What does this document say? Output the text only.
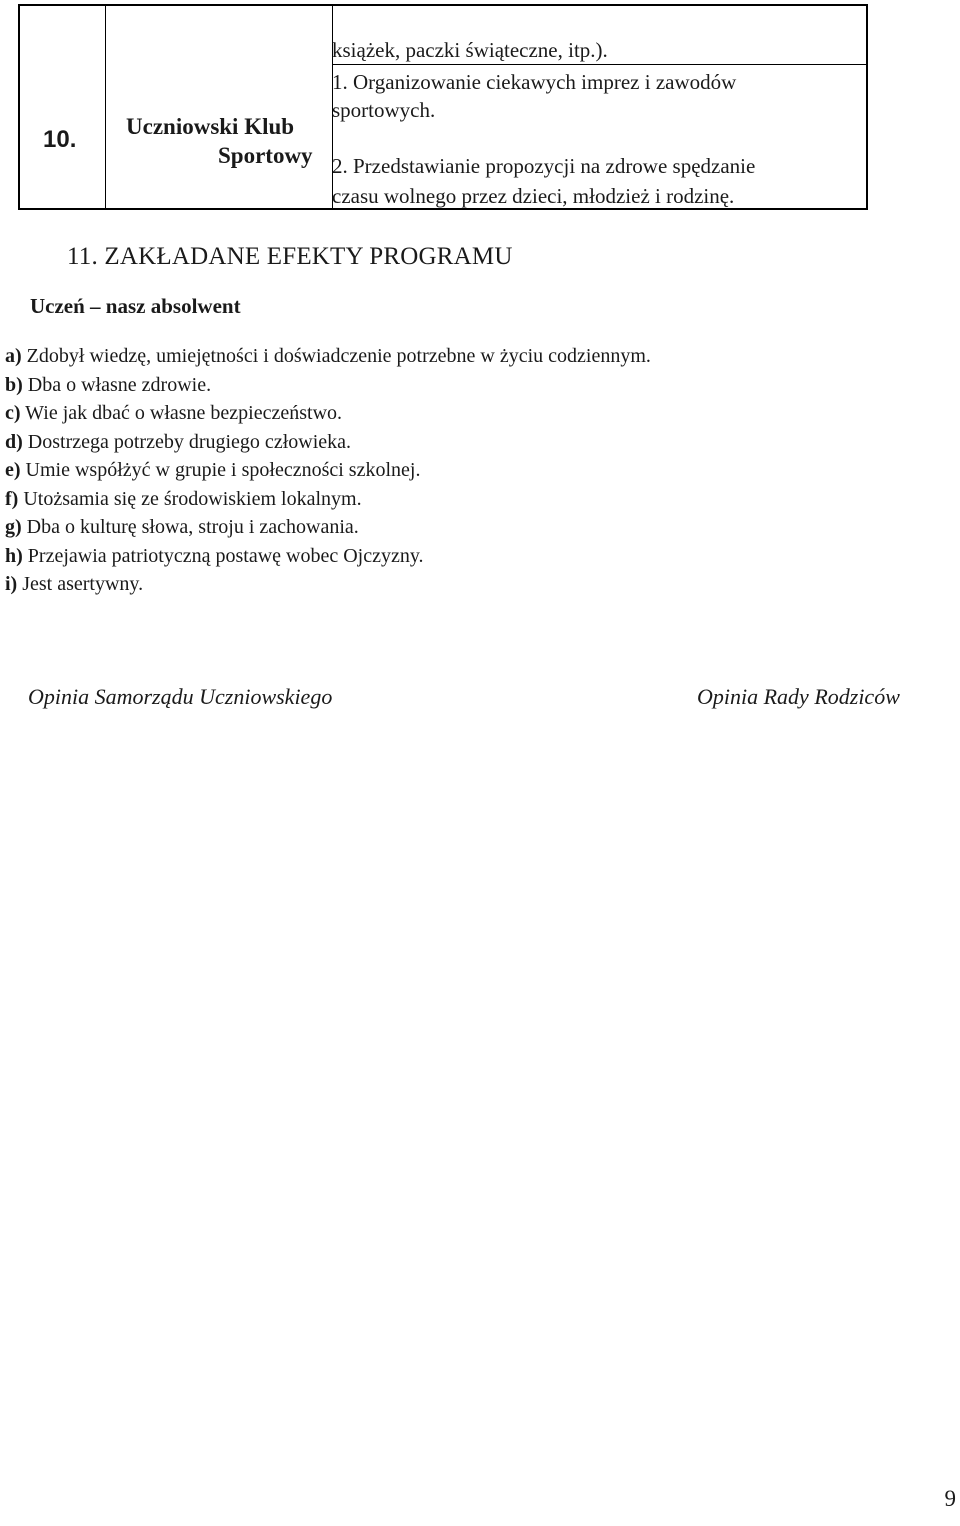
książek, paczki świąteczne, itp.).
10. Uczniowski Klub
Sportowy
1. Organizowanie ciekawych imprez i zawodów
sportowych.
2. Przedstawianie propozycji na zdrowe spędzanie
czasu wolnego przez dzieci, młodzież i rodzinę.
11. ZAKŁADANE EFEKTY PROGRAMU
Uczeń – nasz absolwent
a) Zdobył wiedzę, umiejętności i doświadczenie potrzebne w życiu codziennym.
b) Dba o własne zdrowie.
c) Wie jak dbać o własne bezpieczeństwo.
d) Dostrzega potrzeby drugiego człowieka.
e) Umie współżyć w grupie i społeczności szkolnej.
f) Utożsamia się ze środowiskiem lokalnym.
g) Dba o kulturę słowa, stroju i zachowania.
h) Przejawia patriotyczną postawę wobec Ojczyzny.
i) Jest asertywny.
Opinia Samorządu Uczniowskiego	Opinia Rady Rodziców
9
